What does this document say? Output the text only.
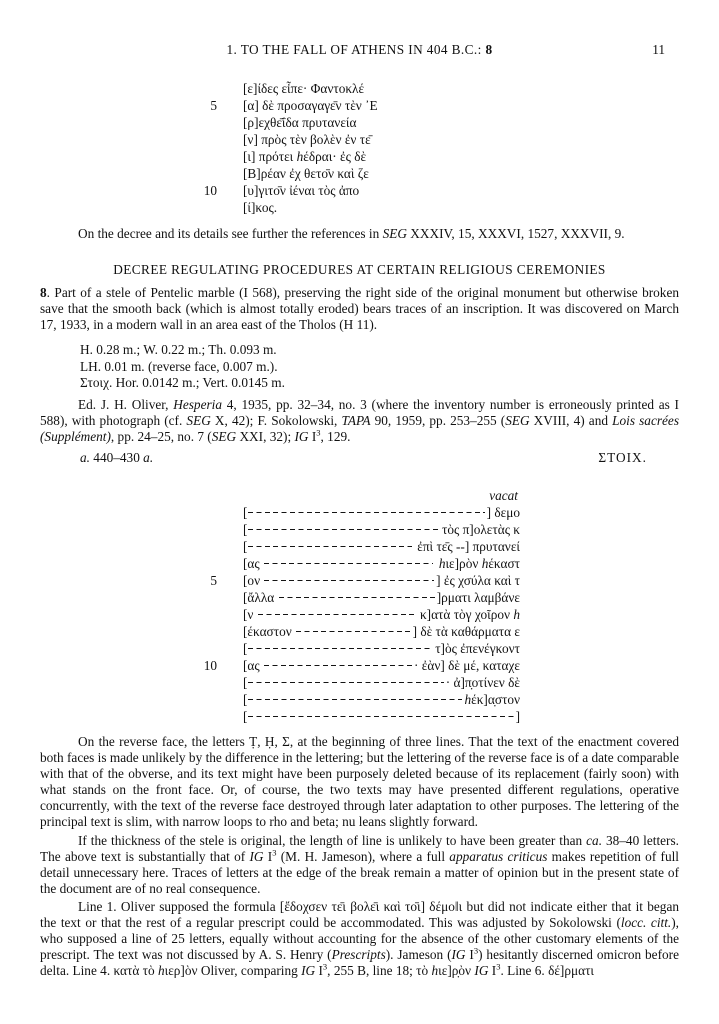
1. TO THE FALL OF ATHENS IN 404 B.C.: 8	11
[ε]ίδες εἶπε· Φαντοκλέ
5 [α] δὲ προσαγαγε̄ν τὲν ᾿Ε
[ρ]εχθε̄ΐδα πρυτανεία
[ν] πρὸς τὲν βολὲν ἐν τε̄
[ι] πρότει h έδραι· ἐς δὲ
[Β]ρέαν ἐχ θετο̄ν καὶ ζε
10 [υ]γιτο̄ν ἰέναι τὸς ἀπο
[ί]κος.

On the decree and its details see further the references in SEG XXXIV, 15, XXXVI, 1527, XXXVII, 9.

DECREE REGULATING PROCEDURES AT CERTAIN RELIGIOUS CEREMONIES

8. Part of a stele of Pentelic marble (I 568), preserving the right side of the original monument but otherwise broken save that the smooth back (which is almost totally eroded) bears traces of an inscription. It was discovered on March 17, 1933, in a modern wall in an area east of the Tholos (H 11).

H. 0.28 m.; W. 0.22 m.; Th. 0.093 m.
LH. 0.01 m. (reverse face, 0.007 m.).
Στοιχ. Hor. 0.0142 m.; Vert. 0.0145 m.

Ed. J. H. Oliver, Hesperia 4, 1935, pp. 32–34, no. 3 (where the inventory number is erroneously printed as I 588), with photograph (cf. SEG X, 42); F. Sokolowski, TAPA 90, 1959, pp. 253–255 (SEG XVIII, 4) and Lois sacrées (Supplément), pp. 24–25, no. 7 (SEG XXI, 32); IG $I^3$, 129.

a. 440–430 a.	ΣΤΟΙΧ.
vacat
[	] δεμο
[	τὸς π]ολετὰς κ
[	ἐπὶ τε̄ς --] πρυτανεί
[ας
	h ιε]ρὸν h έκαστ
5 [ον	] ἐς χσύλα καὶ τ
[ἄλλα	]ρματι λαμβάνε
[ν	κ]ατὰ τὸγ χοῖρον h
[έκαστον	] δὲ τὰ καθάρματα ε
[	τ]ὸς ἐπενέγκοντ
10 [ας	· ἐὰν] δὲ μέ, καταχε
[	· ἀ]π̣οτίνεν δὲ
[	h έκ]α̣στον
[	]

On the reverse face, the letters Ṭ, Ḥ, Σ, at the beginning of three lines. That the text of the enactment covered both faces is made unlikely by the difference in the lettering; but the lettering of the reverse face is of a date comparable with that of the obverse, and its text might have been purposely deleted because of its replacement (fairly soon) with what stands on the front face. Or, of course, the two texts may have presented different regulations, operative concurrently, with the text of the reverse face destroyed through later adaptation to other purposes. The lettering of the principal text is slim, with narrow loops to rho and beta; nu leans slightly forward.

If the thickness of the stele is original, the length of line is unlikely to have been greater than ca. 38–40 letters. The above text is substantially that of IG $I^3$ (M. H. Jameson), where a full apparatus criticus makes repetition of full detail unnecessary here. Traces of letters at the edge of the break remain a matter of opinion but in the present state of the document are of no real consequence.

Line 1. Oliver supposed the formula [ἔδοχσεν τε̄ι βολε̄ι καὶ το̄ι] δέμο‖ι but did not indicate either that it began the text or that the rest of a regular prescript could be accommodated. This was adjusted by Sokolowski (locc. citt.), who supposed a line of 25 letters, equally without accounting for the absence of the other customary elements of the prescript. The text was not discussed by A. S. Henry (Prescripts). Jameson (IG $I^3$) hesitantly discerned omicron before delta. Line 4. κατὰ τὸ hιερ]ὸν Oliver, comparing IG $I^3$, 255 B, line 18; τὸ hιε]ρ̣ὸν IG $I^3$. Line 6. δέ]ρματι
